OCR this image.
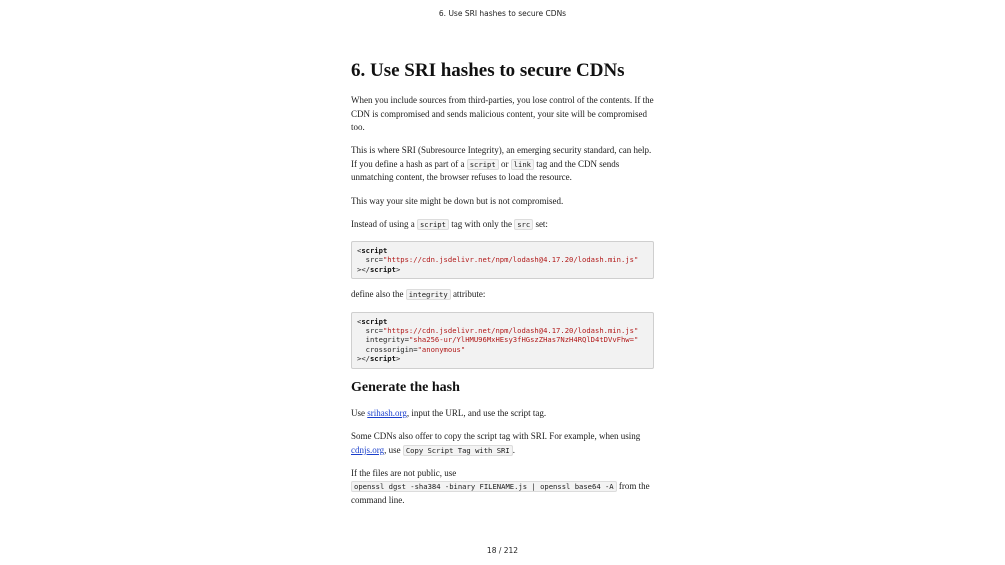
6. Use SRI hashes to secure CDNs
6. Use SRI hashes to secure CDNs

When you include sources from third-parties, you lose control of the contents. If the CDN is compromised and sends malicious content, your site will be compromised too.

This is where SRI (Subresource Integrity), an emerging security standard, can help. If you define a hash as part of a script or link tag and the CDN sends unmatching content, the browser refuses to load the resource.

This way your site might be down but is not compromised.

Instead of using a script tag with only the src set:

<script
src="https://cdn.jsdelivr.net/npm/lodash@4.17.20/lodash.min.js"
></script>

define also the integrity attribute:

<script
src="https://cdn.jsdelivr.net/npm/lodash@4.17.20/lodash.min.js"
integrity="sha256-ur/YlHMU96MxHEsy3fHGszZHas7NzH4RQlD4tDVvFhw="
crossorigin="anonymous"
></script>
Generate the hash

Use srihash.org, input the URL, and use the script tag.

Some CDNs also offer to copy the script tag with SRI. For example, when using cdnjs.org, use Copy Script Tag with SRI .

If the files are not public, use
openssl dgst -sha384 -binary FILENAME.js | openssl base64 -A from the command line.

18 / 212
